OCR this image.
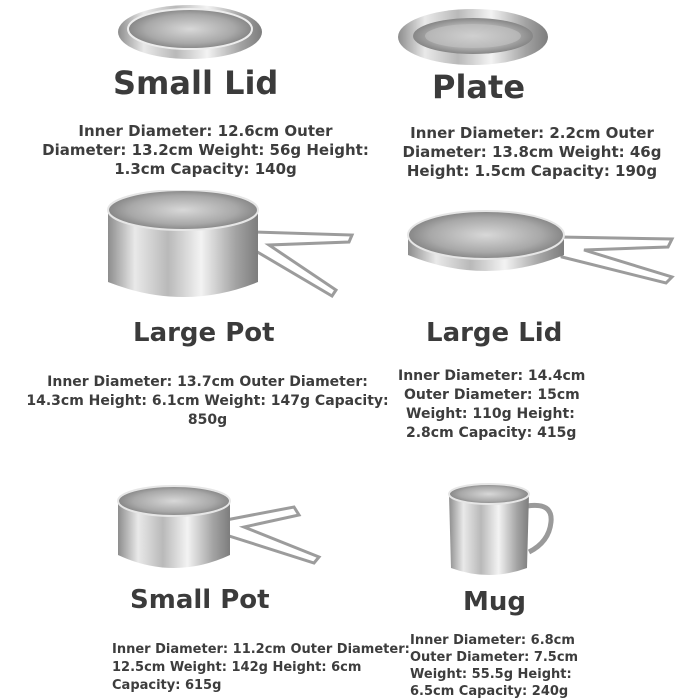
Small Lid
Inner Diameter: 12.6cm Outer
Diameter: 13.2cm Weight: 56g Height:
1.3cm Capacity: 140g
Plate
Inner Diameter: 2.2cm Outer
Diameter: 13.8cm Weight: 46g
Height: 1.5cm Capacity: 190g
Large Pot
Inner Diameter: 13.7cm Outer Diameter:
14.3cm Height: 6.1cm Weight: 147g Capacity:
850g
Large Lid
Inner Diameter: 14.4cm
Outer Diameter: 15cm
Weight: 110g Height:
2.8cm Capacity: 415g
Small Pot
Inner Diameter: 11.2cm Outer Diameter:
12.5cm Weight: 142g Height: 6cm
Capacity: 615g
Mug
Inner Diameter: 6.8cm
Outer Diameter: 7.5cm
Weight: 55.5g Height:
6.5cm Capacity: 240g
